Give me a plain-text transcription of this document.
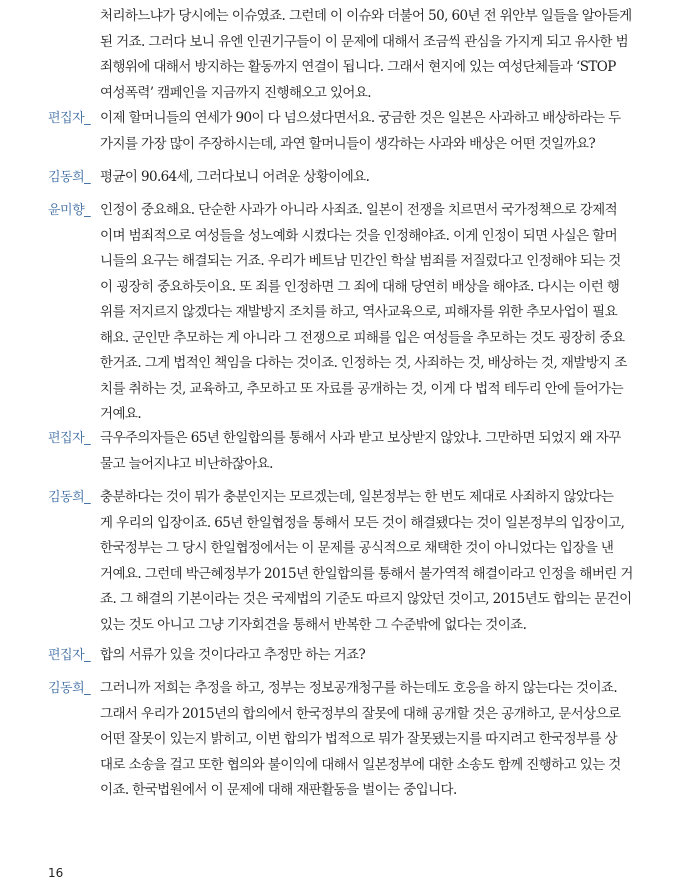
처리하느냐가 당시에는 이슈였죠. 그런데 이 이슈와 더불어 50, 60년 전 위안부 일들을 알아듣게
된 거죠. 그러다 보니 유엔 인권기구들이 이 문제에 대해서 조금씩 관심을 가지게 되고 유사한 범
죄행위에 대해서 방지하는 활동까지 연결이 됩니다. 그래서 현지에 있는 여성단체들과 ‘STOP
여성폭력’ 캠페인을 지금까지 진행해오고 있어요.
편집자_ 이제 할머니들의 연세가 90이 다 넘으셨다면서요. 궁금한 것은 일본은 사과하고 배상하라는 두
가지를 가장 많이 주장하시는데, 과연 할머니들이 생각하는 사과와 배상은 어떤 것일까요?
김동희_ 평균이 90.64세, 그러다보니 어려운 상황이에요.
윤미향_ 인정이 중요해요. 단순한 사과가 아니라 사죄죠. 일본이 전쟁을 치르면서 국가정책으로 강제적
이며 범죄적으로 여성들을 성노예화 시켰다는 것을 인정해야죠. 이게 인정이 되면 사실은 할머
니들의 요구는 해결되는 거죠. 우리가 베트남 민간인 학살 범죄를 저질렀다고 인정해야 되는 것
이 굉장히 중요하듯이요. 또 죄를 인정하면 그 죄에 대해 당연히 배상을 해야죠. 다시는 이런 행
위를 저지르지 않겠다는 재발방지 조치를 하고, 역사교육으로, 피해자를 위한 추모사업이 필요
해요. 군인만 추모하는 게 아니라 그 전쟁으로 피해를 입은 여성들을 추모하는 것도 굉장히 중요
한거죠. 그게 법적인 책임을 다하는 것이죠. 인정하는 것, 사죄하는 것, 배상하는 것, 재발방지 조
치를 취하는 것, 교육하고, 추모하고 또 자료를 공개하는 것, 이게 다 법적 테두리 안에 들어가는
거예요.
편집자_ 극우주의자들은 65년 한일합의를 통해서 사과 받고 보상받지 않았냐. 그만하면 되었지 왜 자꾸
물고 늘어지냐고 비난하잖아요.
김동희_ 충분하다는 것이 뭐가 충분인지는 모르겠는데, 일본정부는 한 번도 제대로 사죄하지 않았다는
게 우리의 입장이죠. 65년 한일협정을 통해서 모든 것이 해결됐다는 것이 일본정부의 입장이고,
한국정부는 그 당시 한일협정에서는 이 문제를 공식적으로 채택한 것이 아니었다는 입장을 낸
거예요. 그런데 박근혜정부가 2015년 한일합의를 통해서 불가역적 해결이라고 인정을 해버린 거
죠. 그 해결의 기본이라는 것은 국제법의 기준도 따르지 않았던 것이고, 2015년도 합의는 문건이
있는 것도 아니고 그냥 기자회견을 통해서 반복한 그 수준밖에 없다는 것이죠.
편집자_ 합의 서류가 있을 것이다라고 추정만 하는 거죠?
김동희_ 그러니까 저희는 추정을 하고, 정부는 정보공개청구를 하는데도 호응을 하지 않는다는 것이죠.
그래서 우리가 2015년의 합의에서 한국정부의 잘못에 대해 공개할 것은 공개하고, 문서상으로
어떤 잘못이 있는지 밝히고, 이번 합의가 법적으로 뭐가 잘못됐는지를 따지려고 한국정부를 상
대로 소송을 걸고 또한 협의와 불이익에 대해서 일본정부에 대한 소송도 함께 진행하고 있는 것
이죠. 한국법원에서 이 문제에 대해 재판활동을 벌이는 중입니다.
16
